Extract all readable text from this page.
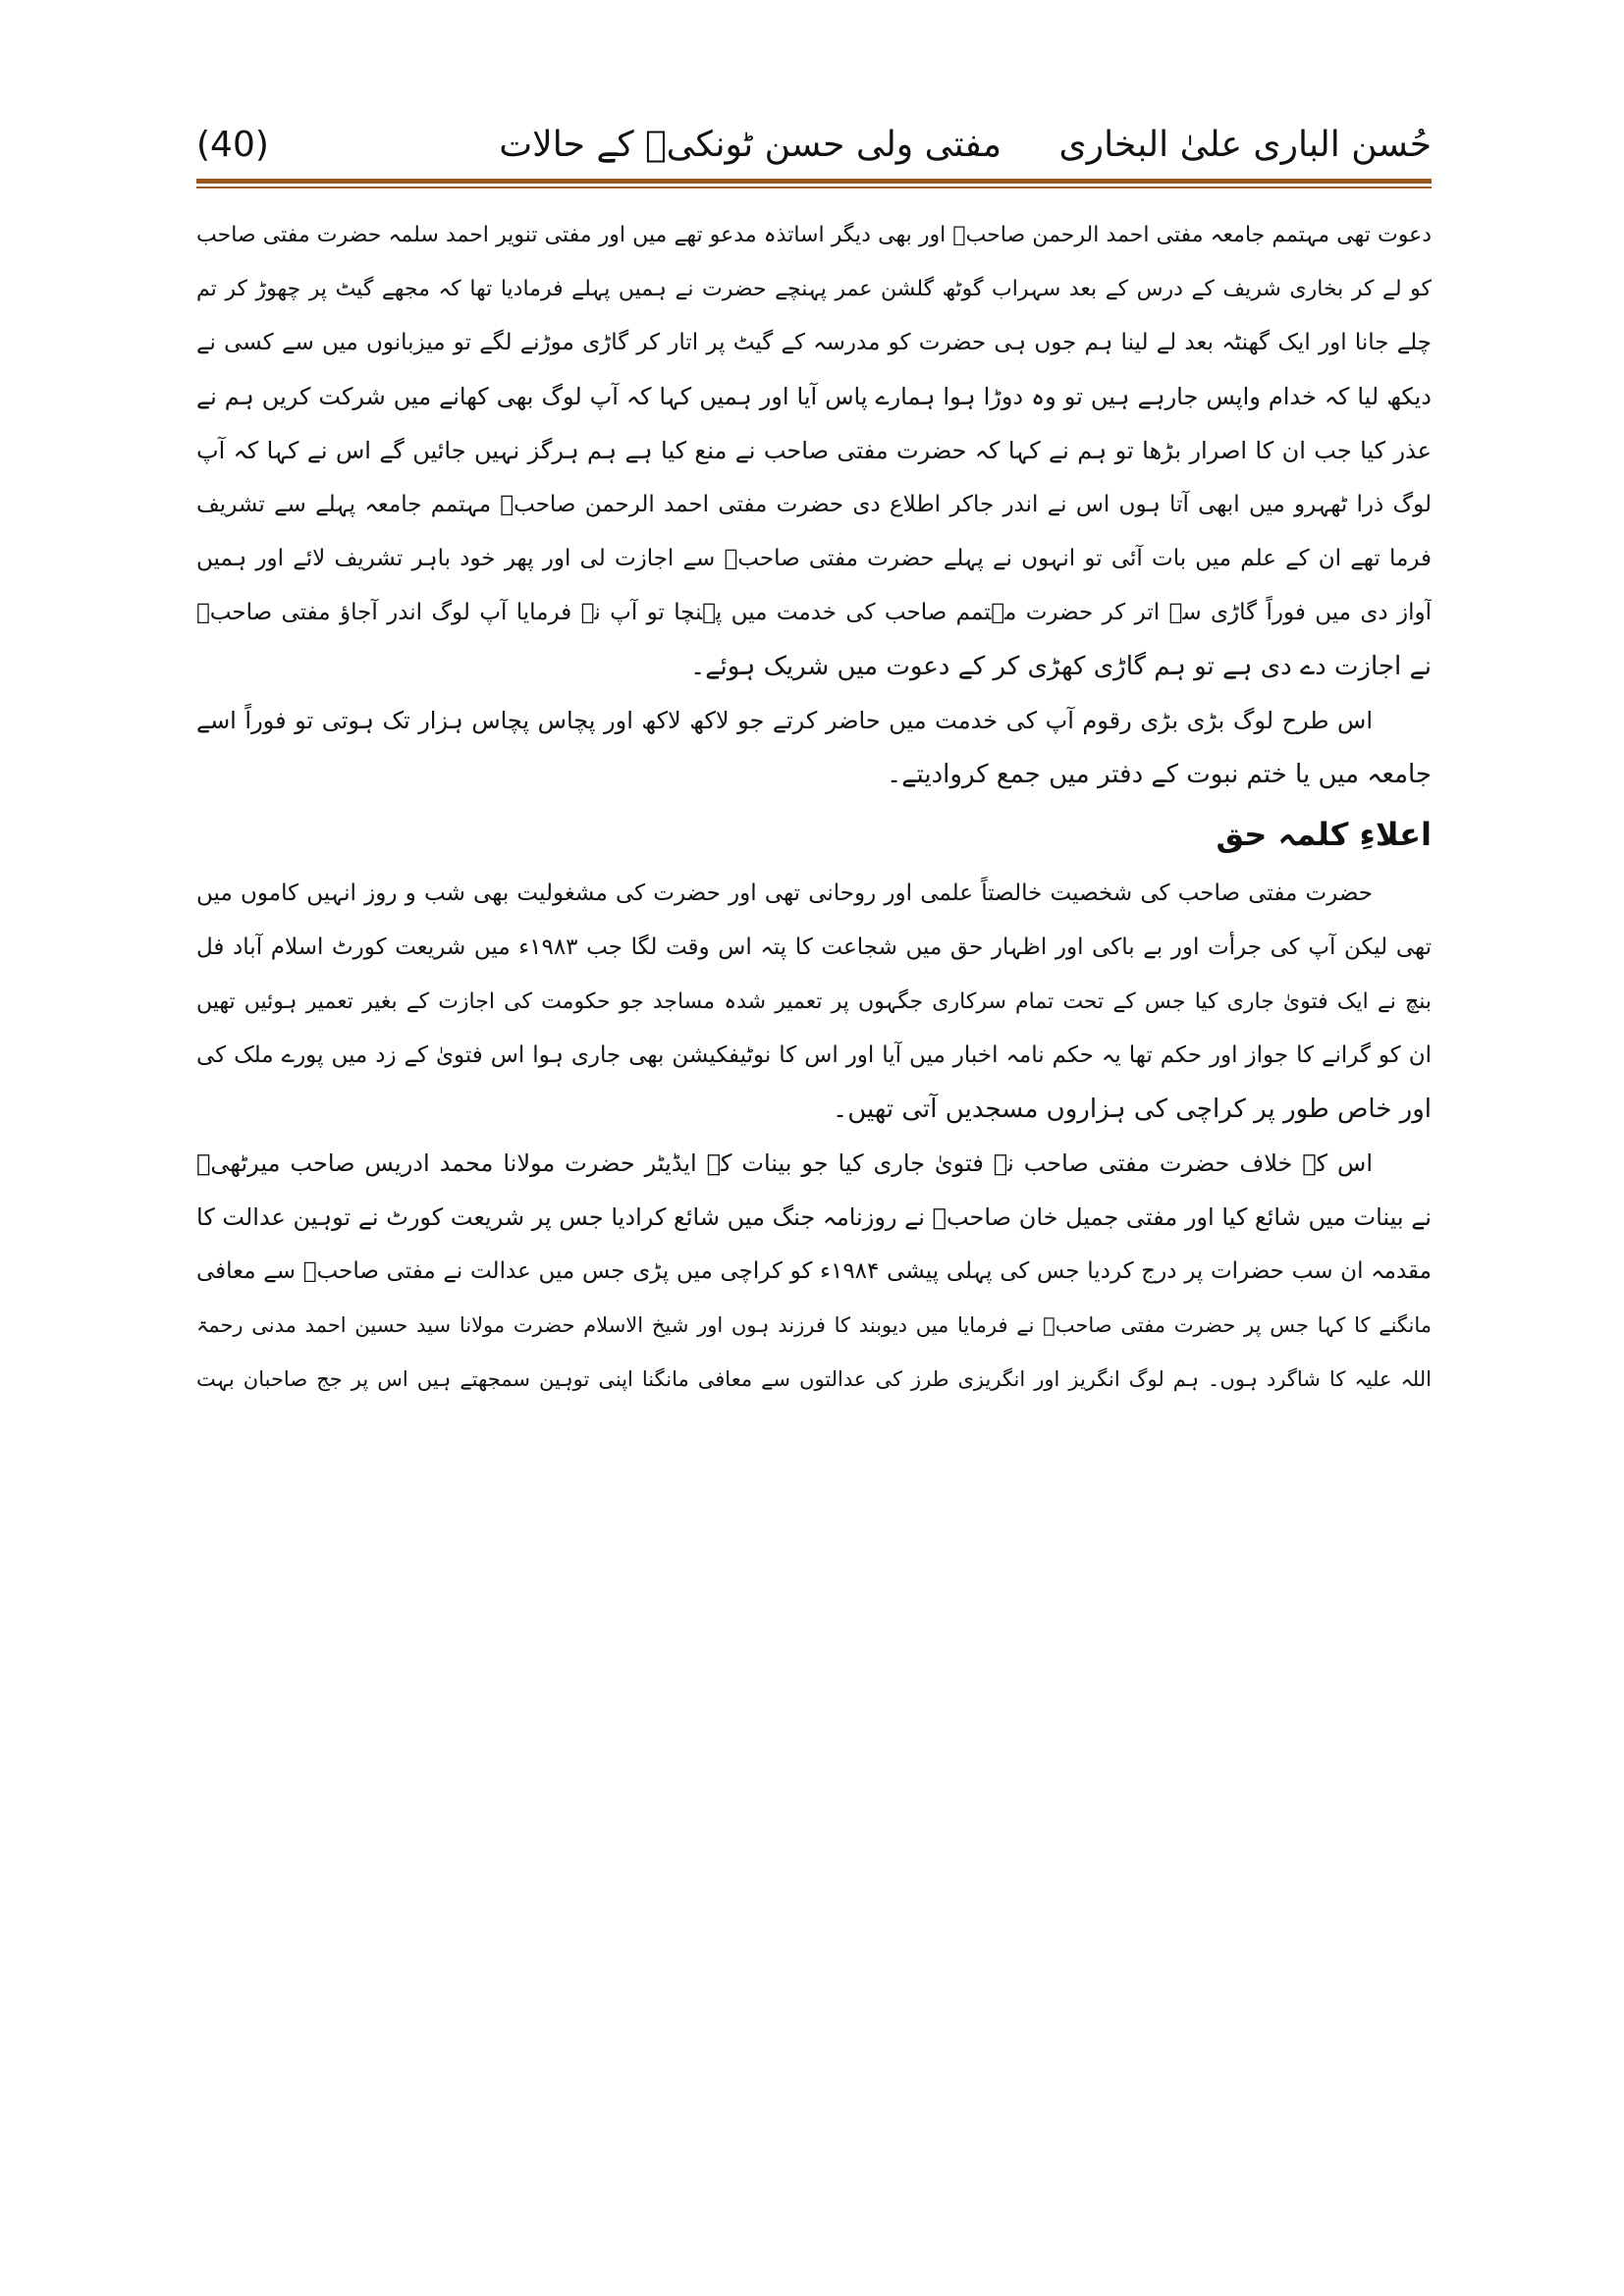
حُسن الباری علیٰ البخاری
مفتی ولی حسن ٹونکیؒ کے حالات
(40)
دعوت تھی مہتمم جامعہ مفتی احمد الرحمن صاحبؒ اور بھی دیگر اساتذہ مدعو تھے میں اور مفتی تنویر احمد سلمہ حضرت مفتی صاحب
کو لے کر بخاری شریف کے درس کے بعد سہراب گوٹھ گلشن عمر پہنچے حضرت نے ہمیں پہلے فرمادیا تھا کہ مجھے گیٹ پر چھوڑ کر تم
چلے جانا اور ایک گھنٹہ بعد لے لینا ہم جوں ہی حضرت کو مدرسہ کے گیٹ پر اتار کر گاڑی موڑنے لگے تو میزبانوں میں سے کسی نے
دیکھ لیا کہ خدام واپس جارہے ہیں تو وہ دوڑا ہوا ہمارے پاس آیا اور ہمیں کہا کہ آپ لوگ بھی کھانے میں شرکت کریں ہم نے
عذر کیا جب ان کا اصرار بڑھا تو ہم نے کہا کہ حضرت مفتی صاحب نے منع کیا ہے ہم ہرگز نہیں جائیں گے اس نے کہا کہ آپ
لوگ ذرا ٹھہرو میں ابھی آتا ہوں اس نے اندر جاکر اطلاع دی حضرت مفتی احمد الرحمن صاحبؒ مہتمم جامعہ پہلے سے تشریف
فرما تھے ان کے علم میں بات آئی تو انہوں نے پہلے حضرت مفتی صاحبؒ سے اجازت لی اور پھر خود باہر تشریف لائے اور ہمیں
آواز دی میں فوراً گاڑی سے اتر کر حضرت مہتمم صاحب کی خدمت میں پہنچا تو آپ نے فرمایا آپ لوگ اندر آجاؤ مفتی صاحبؒ
نے اجازت دے دی ہے تو ہم گاڑی کھڑی کر کے دعوت میں شریک ہوئے۔
اس طرح لوگ بڑی بڑی رقوم آپ کی خدمت میں حاضر کرتے جو لاکھ لاکھ اور پچاس پچاس ہزار تک ہوتی تو فوراً اسے
جامعہ میں یا ختم نبوت کے دفتر میں جمع کروادیتے۔
اعلاءِ کلمہ حق
حضرت مفتی صاحب کی شخصیت خالصتاً علمی اور روحانی تھی اور حضرت کی مشغولیت بھی شب و روز انہیں کاموں میں
تھی لیکن آپ کی جرأت اور بے باکی اور اظہار حق میں شجاعت کا پتہ اس وقت لگا جب ۱۹۸۳ء میں شریعت کورٹ اسلام آباد فل
بنچ نے ایک فتویٰ جاری کیا جس کے تحت تمام سرکاری جگہوں پر تعمیر شدہ مساجد جو حکومت کی اجازت کے بغیر تعمیر ہوئیں تھیں
ان کو گرانے کا جواز اور حکم تھا یہ حکم نامہ اخبار میں آیا اور اس کا نوٹیفکیشن بھی جاری ہوا اس فتویٰ کے زد میں پورے ملک کی
اور خاص طور پر کراچی کی ہزاروں مسجدیں آتی تھیں۔
اس کے خلاف حضرت مفتی صاحب نے فتویٰ جاری کیا جو بینات کے ایڈیٹر حضرت مولانا محمد ادریس صاحب میرٹھیؒ
نے بینات میں شائع کیا اور مفتی جمیل خان صاحبؒ نے روزنامہ جنگ میں شائع کرادیا جس پر شریعت کورٹ نے توہین عدالت کا
مقدمہ ان سب حضرات پر درج کردیا جس کی پہلی پیشی ۱۹۸۴ء کو کراچی میں پڑی جس میں عدالت نے مفتی صاحبؒ سے معافی
مانگنے کا کہا جس پر حضرت مفتی صاحبؒ نے فرمایا میں دیوبند کا فرزند ہوں اور شیخ الاسلام حضرت مولانا سید حسین احمد مدنی رحمۃ
اللہ علیہ کا شاگرد ہوں۔ ہم لوگ انگریز اور انگریزی طرز کی عدالتوں سے معافی مانگنا اپنی توہین سمجھتے ہیں اس پر جج صاحبان بہت
